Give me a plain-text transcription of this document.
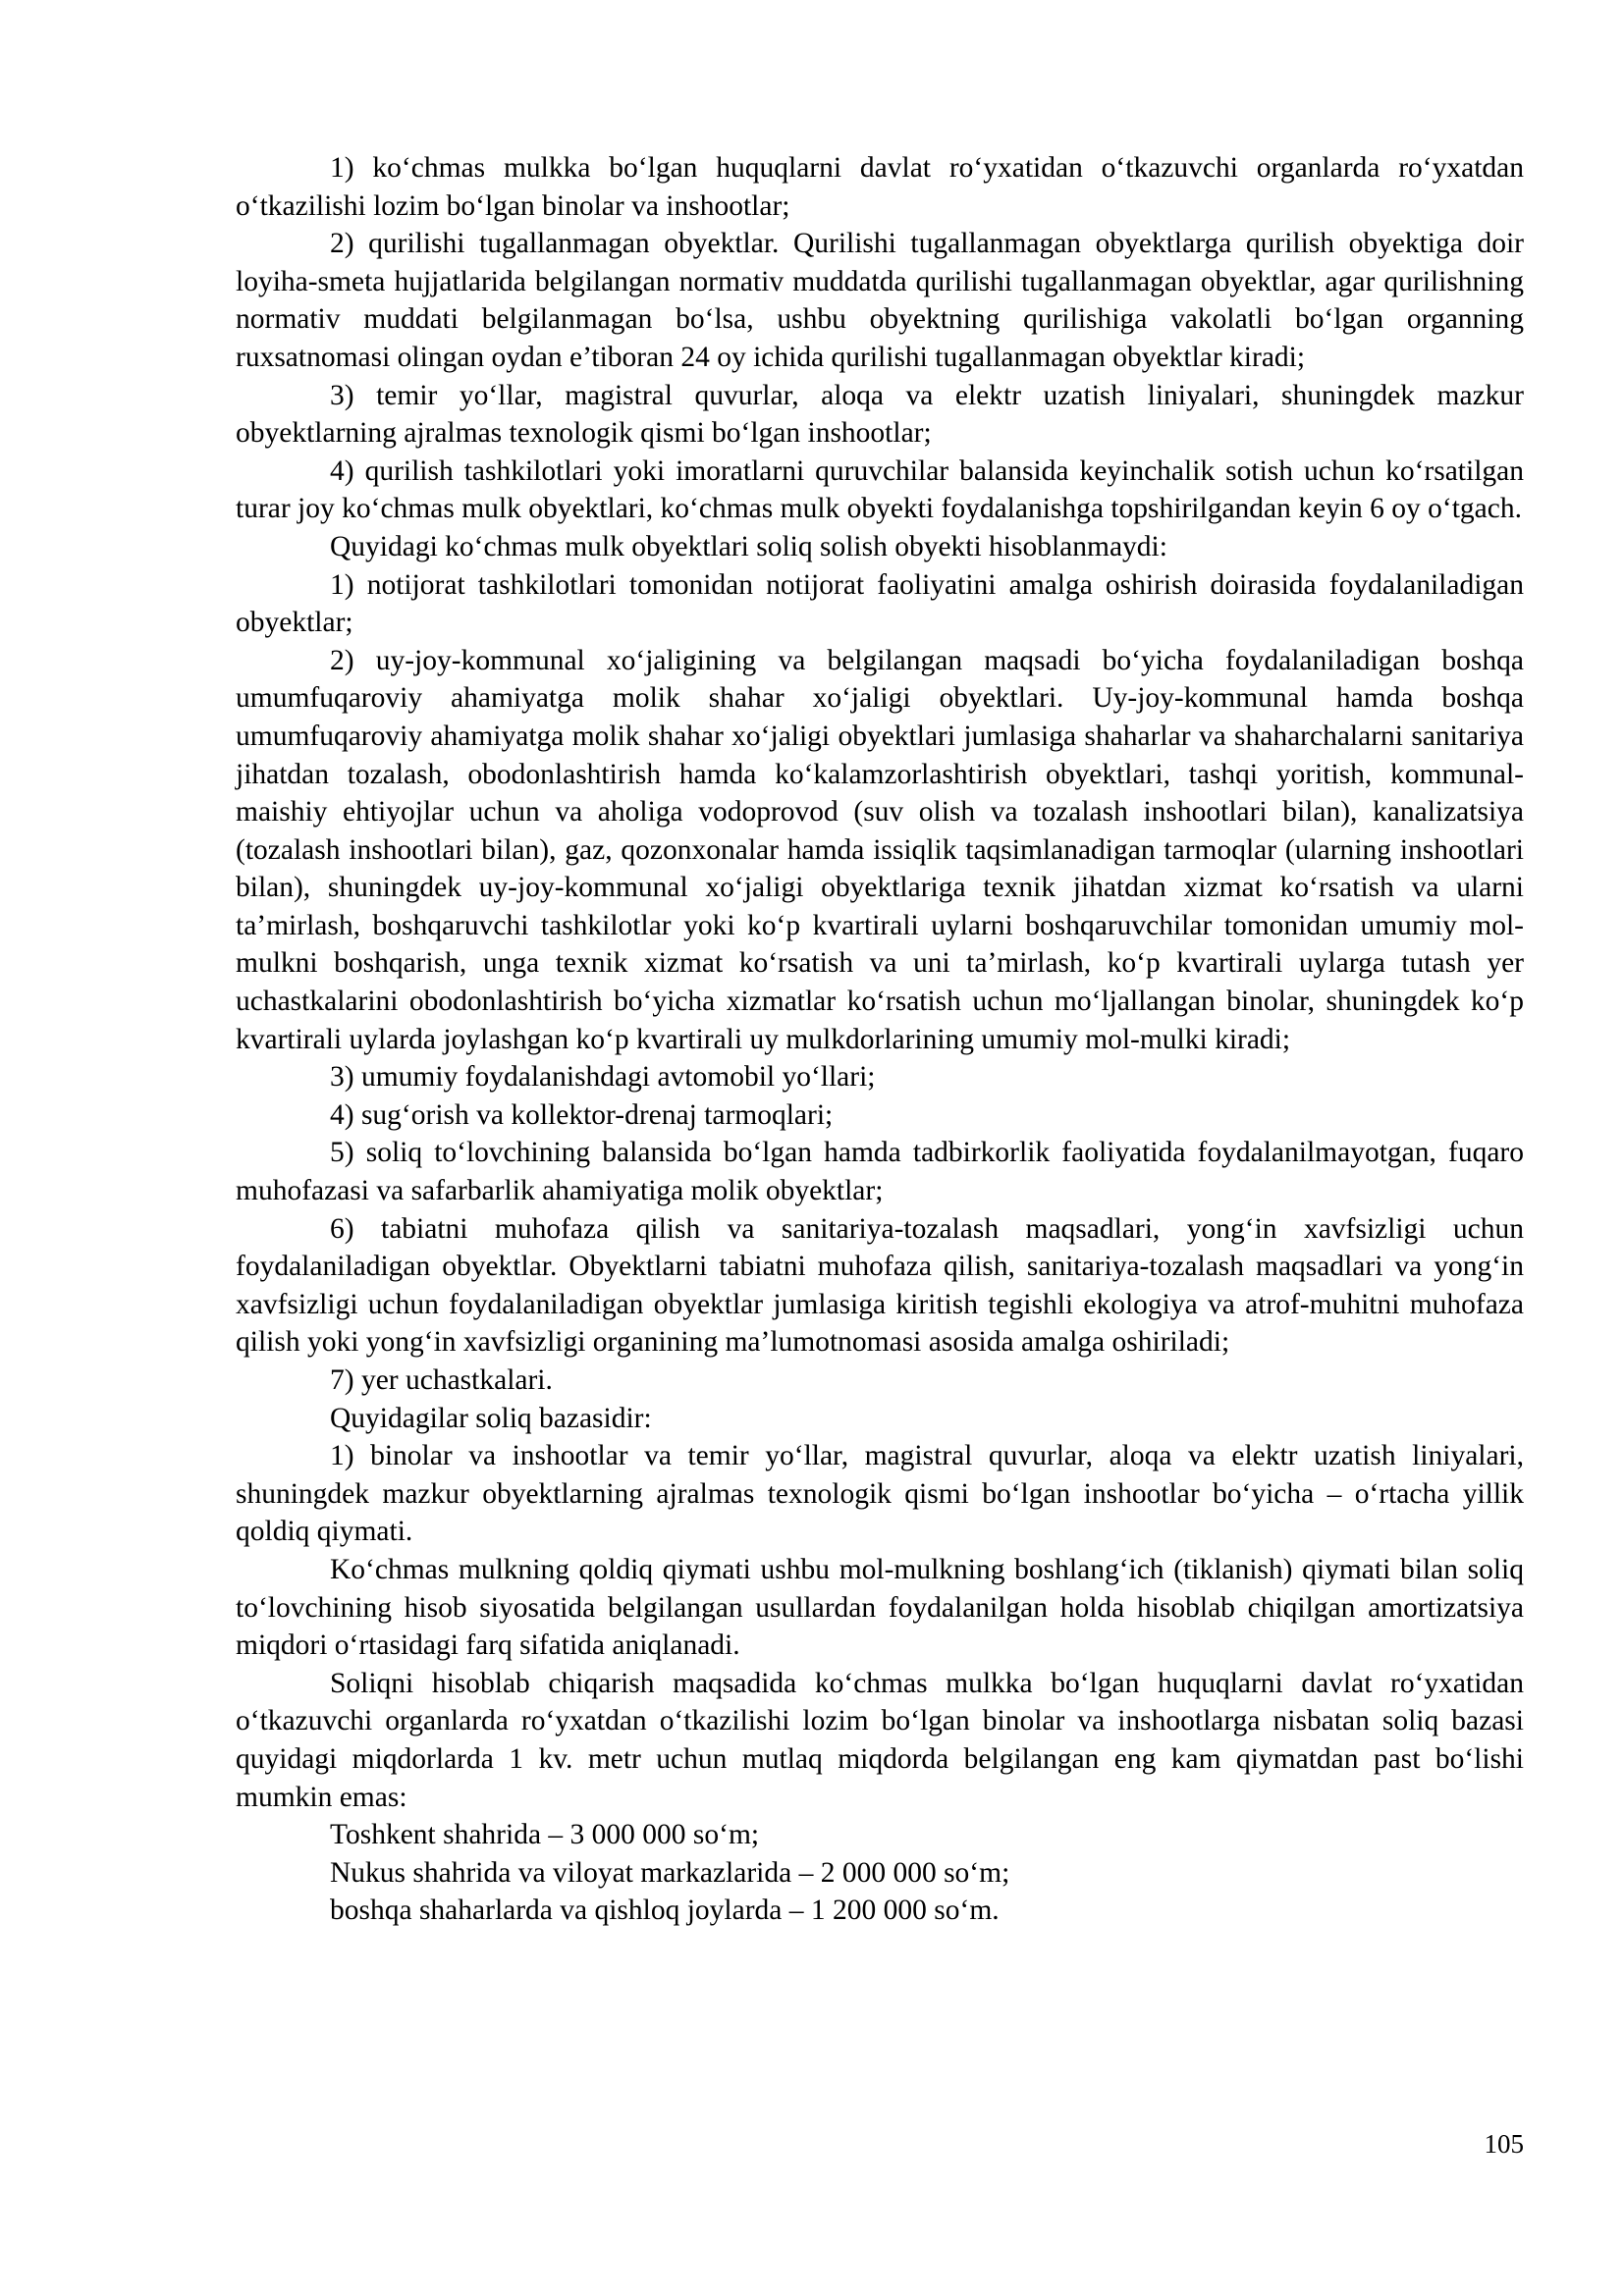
1) ko‘chmas mulkka bo‘lgan huquqlarni davlat ro‘yxatidan o‘tkazuvchi organlarda ro‘yxatdan o‘tkazilishi lozim bo‘lgan binolar va inshootlar;

2) qurilishi tugallanmagan obyektlar. Qurilishi tugallanmagan obyektlarga qurilish obyektiga doir loyiha-smeta hujjatlarida belgilangan normativ muddatda qurilishi tugallanmagan obyektlar, agar qurilishning normativ muddati belgilanmagan bo‘lsa, ushbu obyektning qurilishiga vakolatli bo‘lgan organning ruxsatnomasi olingan oydan e’tiboran 24 oy ichida qurilishi tugallanmagan obyektlar kiradi;

3) temir yo‘llar, magistral quvurlar, aloqa va elektr uzatish liniyalari, shuningdek mazkur obyektlarning ajralmas texnologik qismi bo‘lgan inshootlar;

4) qurilish tashkilotlari yoki imoratlarni quruvchilar balansida keyinchalik sotish uchun ko‘rsatilgan turar joy ko‘chmas mulk obyektlari, ko‘chmas mulk obyekti foydalanishga topshirilgandan keyin 6 oy o‘tgach.

Quyidagi ko‘chmas mulk obyektlari soliq solish obyekti hisoblanmaydi:

1) notijorat tashkilotlari tomonidan notijorat faoliyatini amalga oshirish doirasida foydalaniladigan obyektlar;

2) uy-joy-kommunal xo‘jaligining va belgilangan maqsadi bo‘yicha foydalaniladigan boshqa umumfuqaroviy ahamiyatga molik shahar xo‘jaligi obyektlari. Uy-joy-kommunal hamda boshqa umumfuqaroviy ahamiyatga molik shahar xo‘jaligi obyektlari jumlasiga shaharlar va shaharchalarni sanitariya jihatdan tozalash, obodonlashtirish hamda ko‘kalamzorlashtirish obyektlari, tashqi yoritish, kommunal-maishiy ehtiyojlar uchun va aholiga vodoprovod (suv olish va tozalash inshootlari bilan), kanalizatsiya (tozalash inshootlari bilan), gaz, qozonxonalar hamda issiqlik taqsimlanadigan tarmoqlar (ularning inshootlari bilan), shuningdek uy-joy-kommunal xo‘jaligi obyektlariga texnik jihatdan xizmat ko‘rsatish va ularni ta’mirlash, boshqaruvchi tashkilotlar yoki ko‘p kvartirali uylarni boshqaruvchilar tomonidan umumiy mol-mulkni boshqarish, unga texnik xizmat ko‘rsatish va uni ta’mirlash, ko‘p kvartirali uylarga tutash yer uchastkalarini obodonlashtirish bo‘yicha xizmatlar ko‘rsatish uchun mo‘ljallangan binolar, shuningdek ko‘p kvartirali uylarda joylashgan ko‘p kvartirali uy mulkdorlarining umumiy mol-mulki kiradi;

3) umumiy foydalanishdagi avtomobil yo‘llari;

4) sug‘orish va kollektor-drenaj tarmoqlari;

5) soliq to‘lovchining balansida bo‘lgan hamda tadbirkorlik faoliyatida foydalanilmayotgan, fuqaro muhofazasi va safarbarlik ahamiyatiga molik obyektlar;

6) tabiatni muhofaza qilish va sanitariya-tozalash maqsadlari, yong‘in xavfsizligi uchun foydalaniladigan obyektlar. Obyektlarni tabiatni muhofaza qilish, sanitariya-tozalash maqsadlari va yong‘in xavfsizligi uchun foydalaniladigan obyektlar jumlasiga kiritish tegishli ekologiya va atrof-muhitni muhofaza qilish yoki yong‘in xavfsizligi organining ma’lumotnomasi asosida amalga oshiriladi;

7) yer uchastkalari.

Quyidagilar soliq bazasidir:

1) binolar va inshootlar va temir yo‘llar, magistral quvurlar, aloqa va elektr uzatish liniyalari, shuningdek mazkur obyektlarning ajralmas texnologik qismi bo‘lgan inshootlar bo‘yicha – o‘rtacha yillik qoldiq qiymati.

Ko‘chmas mulkning qoldiq qiymati ushbu mol-mulkning boshlang‘ich (tiklanish) qiymati bilan soliq to‘lovchining hisob siyosatida belgilangan usullardan foydalanilgan holda hisoblab chiqilgan amortizatsiya miqdori o‘rtasidagi farq sifatida aniqlanadi.

Soliqni hisoblab chiqarish maqsadida ko‘chmas mulkka bo‘lgan huquqlarni davlat ro‘yxatidan o‘tkazuvchi organlarda ro‘yxatdan o‘tkazilishi lozim bo‘lgan binolar va inshootlarga nisbatan soliq bazasi quyidagi miqdorlarda 1 kv. metr uchun mutlaq miqdorda belgilangan eng kam qiymatdan past bo‘lishi mumkin emas:

Toshkent shahrida – 3 000 000 so‘m;

Nukus shahrida va viloyat markazlarida – 2 000 000 so‘m;

boshqa shaharlarda va qishloq joylarda – 1 200 000 so‘m.

105
